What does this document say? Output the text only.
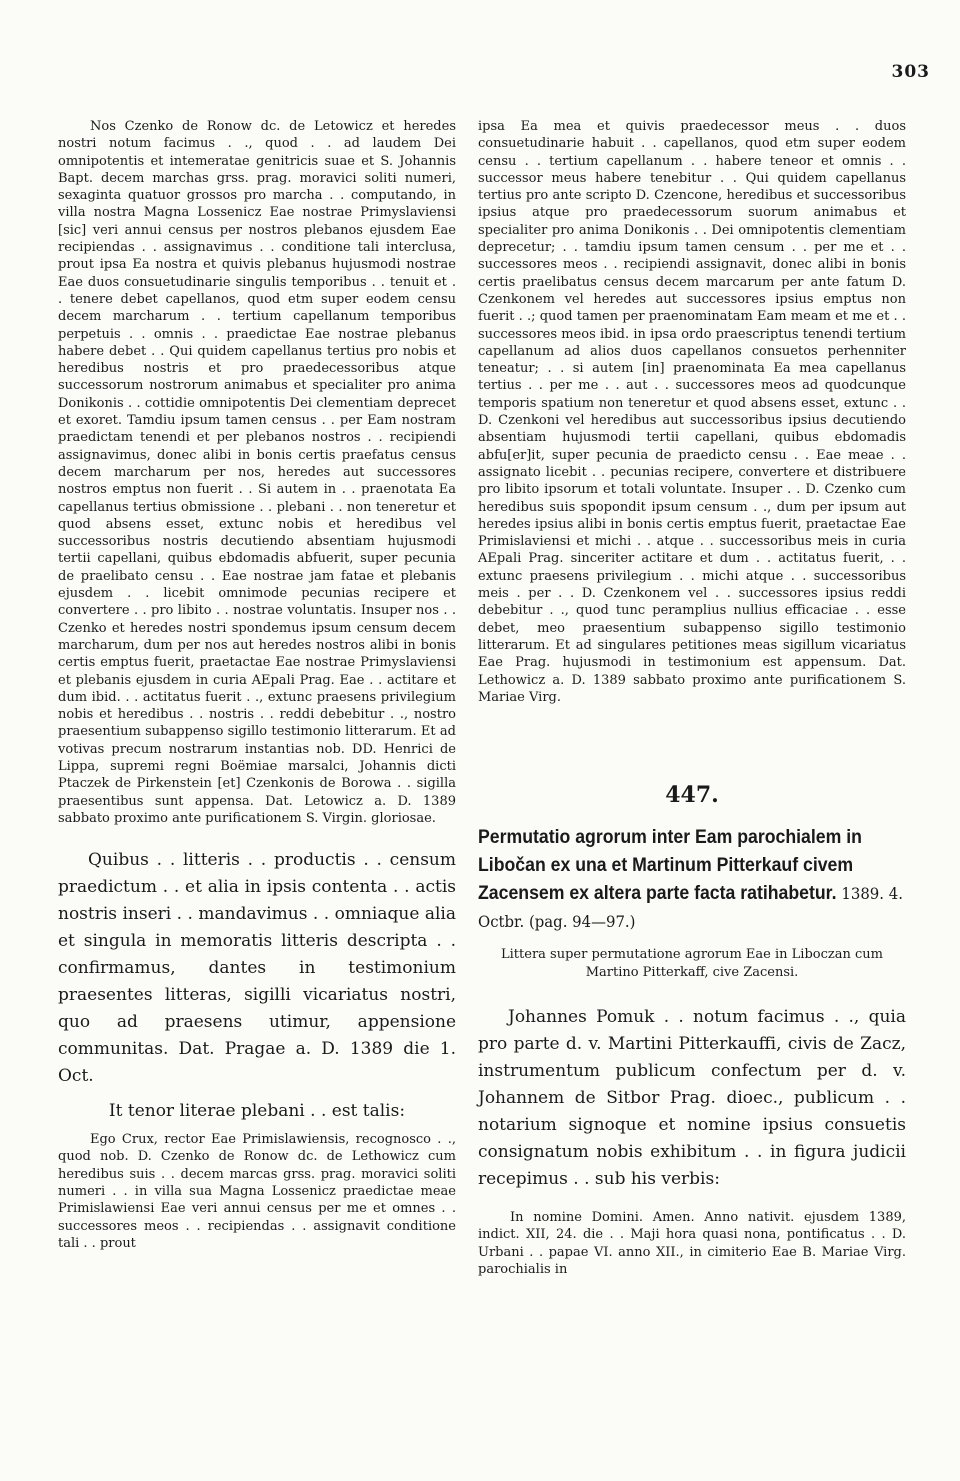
303

Nos Czenko de Ronow dc. de Letowicz et heredes nostri notum facimus . ., quod . . ad laudem Dei omnipotentis et intemeratae genitricis suae et S. Johannis Bapt. decem marchas grss. prag. moravici soliti numeri, sexaginta quatuor grossos pro marcha . . computando, in villa nostra Magna Lossenicz Eae nostrae Primyslaviensi [sic] veri annui census per nostros plebanos ejusdem Eae recipiendas . . assignavimus . . conditione tali interclusa, prout ipsa Ea nostra et quivis plebanus hujusmodi nostrae Eae duos consuetudinarie singulis temporibus . . tenuit et . . tenere debet capellanos, quod etm super eodem censu decem marcharum . . tertium capellanum temporibus perpetuis . . omnis . . praedictae Eae nostrae plebanus habere debet . . Qui quidem capellanus tertius pro nobis et heredibus nostris et pro praedecessoribus atque successorum nostrorum animabus et specialiter pro anima Donikonis . . cottidie omnipotentis Dei clementiam deprecet et exoret. Tamdiu ipsum tamen census . . per Eam nostram praedictam tenendi et per plebanos nostros . . recipiendi assignavimus, donec alibi in bonis certis praefatus census decem marcharum per nos, heredes aut successores nostros emptus non fuerit . . Si autem in . . praenotata Ea capellanus tertius obmissione . . plebani . . non teneretur et quod absens esset, extunc nobis et heredibus vel successoribus nostris decutiendo absentiam hujusmodi tertii capellani, quibus ebdomadis abfuerit, super pecunia de praelibato censu . . Eae nostrae jam fatae et plebanis ejusdem . . licebit omnimode pecunias recipere et convertere . . pro libito . . nostrae voluntatis. Insuper nos . . Czenko et heredes nostri spondemus ipsum censum decem marcharum, dum per nos aut heredes nostros alibi in bonis certis emptus fuerit, praetactae Eae nostrae Primyslaviensi et plebanis ejusdem in curia AEpali Prag. Eae . . actitare et dum ibid. . . actitatus fuerit . ., extunc praesens privilegium nobis et heredibus . . nostris . . reddi debebitur . ., nostro praesentium subappenso sigillo testimonio litterarum. Et ad votivas precum nostrarum instantias nob. DD. Henrici de Lippa, supremi regni Boëmiae marsalci, Johannis dicti Ptaczek de Pirkenstein [et] Czenkonis de Borowa . . sigilla praesentibus sunt appensa. Dat. Letowicz a. D. 1389 sabbato proximo ante purificationem S. Virgin. gloriosae.

Quibus . . litteris . . productis . . censum praedictum . . et alia in ipsis contenta . . actis nostris inseri . . mandavimus . . omniaque alia et singula in memoratis litteris descripta . . confirmamus, dantes in testimonium praesentes litteras, sigilli vicariatus nostri, quo ad praesens utimur, appensione communitas. Dat. Pragae a. D. 1389 die 1. Oct.

It tenor literae plebani . . est talis:

Ego Crux, rector Eae Primislawiensis, recognosco . ., quod nob. D. Czenko de Ronow dc. de Lethowicz cum heredibus suis . . decem marcas grss. prag. moravici soliti numeri . . in villa sua Magna Lossenicz praedictae meae Primislawiensi Eae veri annui census per me et omnes . . successores meos . . recipiendas . . assignavit conditione tali . . prout

ipsa Ea mea et quivis praedecessor meus . . duos consuetudinarie habuit . . capellanos, quod etm super eodem censu . . tertium capellanum . . habere teneor et omnis . . successor meus habere tenebitur . . Qui quidem capellanus tertius pro ante scripto D. Czencone, heredibus et successoribus ipsius atque pro praedecessorum suorum animabus et specialiter pro anima Donikonis . . Dei omnipotentis clementiam deprecetur; . . tamdiu ipsum tamen censum . . per me et . . successores meos . . recipiendi assignavit, donec alibi in bonis certis praelibatus census decem marcarum per ante fatum D. Czenkonem vel heredes aut successores ipsius emptus non fuerit . .; quod tamen per praenominatam Eam meam et me et . . successores meos ibid. in ipsa ordo praescriptus tenendi tertium capellanum ad alios duos capellanos consuetos perhenniter teneatur; . . si autem [in] praenominata Ea mea capellanus tertius . . per me . . aut . . successores meos ad quodcunque temporis spatium non teneretur et quod absens esset, extunc . . D. Czenkoni vel heredibus aut successoribus ipsius decutiendo absentiam hujusmodi tertii capellani, quibus ebdomadis abfu[er]it, super pecunia de praedicto censu . . Eae meae . . assignato licebit . . pecunias recipere, convertere et distribuere pro libito ipsorum et totali voluntate. Insuper . . D. Czenko cum heredibus suis spopondit ipsum censum . ., dum per ipsum aut heredes ipsius alibi in bonis certis emptus fuerit, praetactae Eae Primislaviensi et michi . . atque . . successoribus meis in curia AEpali Prag. sinceriter actitare et dum . . actitatus fuerit, . . extunc praesens privilegium . . michi atque . . successoribus meis . per . . D. Czenkonem vel . . successores ipsius reddi debebitur . ., quod tunc peramplius nullius efficaciae . . esse debet, meo praesentium subappenso sigillo testimonio litterarum. Et ad singulares petitiones meas sigillum vicariatus Eae Prag. hujusmodi in testimonium est appensum. Dat. Lethowicz a. D. 1389 sabbato proximo ante purificationem S. Mariae Virg.

447.
Permutatio agrorum inter Eam parochialem in Libočan ex una et Martinum Pitterkauf civem Zacensem ex altera parte facta ratihabetur. 1389. 4. Octbr. (pag. 94—97.)

Littera super permutatione agrorum Eae in Liboczan cum Martino Pitterkaff, cive Zacensi.

Johannes Pomuk . . notum facimus . ., quia pro parte d. v. Martini Pitterkauffi, civis de Zacz, instrumentum publicum confectum per d. v. Johannem de Sitbor Prag. dioec., publicum . . notarium signoque et nomine ipsius consuetis consignatum nobis exhibitum . . in figura judicii recepimus . . sub his verbis:

In nomine Domini. Amen. Anno nativit. ejusdem 1389, indict. XII, 24. die . . Maji hora quasi nona, pontificatus . . D. Urbani . . papae VI. anno XII., in cimiterio Eae B. Mariae Virg. parochialis in
